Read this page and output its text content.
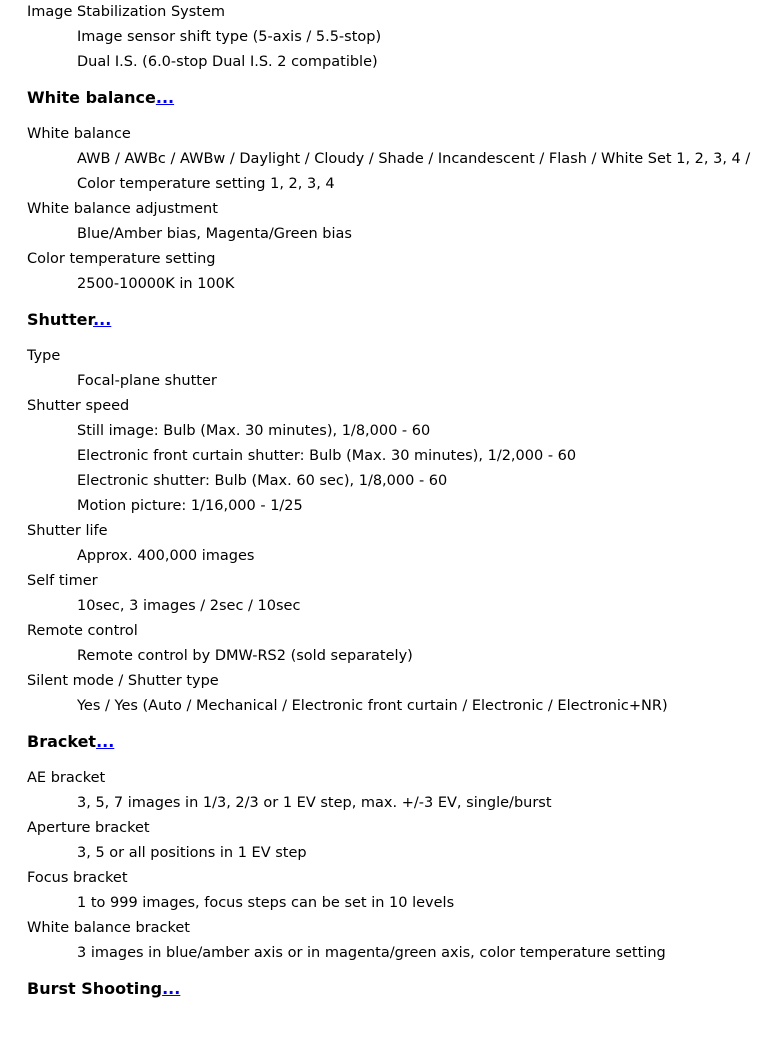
Image Stabilization System
Image sensor shift type (5-axis / 5.5-stop)
Dual I.S. (6.0-stop Dual I.S. 2 compatible)
White balance...
White balance
AWB / AWBc / AWBw / Daylight / Cloudy / Shade / Incandescent / Flash / White Set 1, 2, 3, 4 /
Color temperature setting 1, 2, 3, 4
White balance adjustment
Blue/Amber bias, Magenta/Green bias
Color temperature setting
2500-10000K in 100K
Shutter...
Type
Focal-plane shutter
Shutter speed
Still image: Bulb (Max. 30 minutes), 1/8,000 - 60
Electronic front curtain shutter: Bulb (Max. 30 minutes), 1/2,000 - 60
Electronic shutter: Bulb (Max. 60 sec), 1/8,000 - 60
Motion picture: 1/16,000 - 1/25
Shutter life
Approx. 400,000 images
Self timer
10sec, 3 images / 2sec / 10sec
Remote control
Remote control by DMW-RS2 (sold separately)
Silent mode / Shutter type
Yes / Yes (Auto / Mechanical / Electronic front curtain / Electronic / Electronic+NR)
Bracket...
AE bracket
3, 5, 7 images in 1/3, 2/3 or 1 EV step, max. +/-3 EV, single/burst
Aperture bracket
3, 5 or all positions in 1 EV step
Focus bracket
1 to 999 images, focus steps can be set in 10 levels
White balance bracket
3 images in blue/amber axis or in magenta/green axis, color temperature setting
Burst Shooting...
